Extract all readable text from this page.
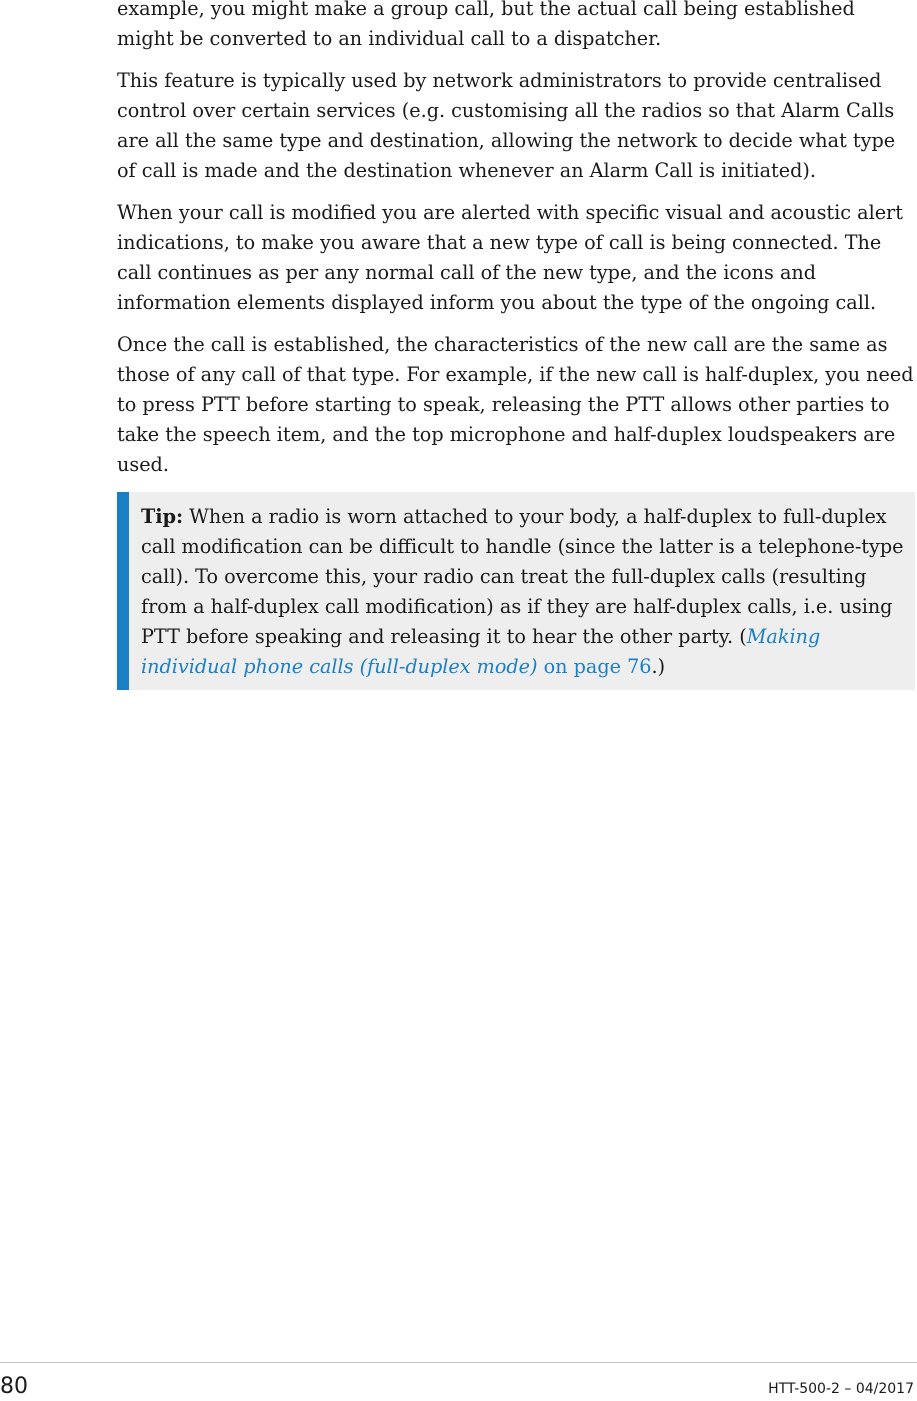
example, you might make a group call, but the actual call being established might be converted to an individual call to a dispatcher.

This feature is typically used by network administrators to provide centralised control over certain services (e.g. customising all the radios so that Alarm Calls are all the same type and destination, allowing the network to decide what type of call is made and the destination whenever an Alarm Call is initiated).

When your call is modified you are alerted with specific visual and acoustic alert indications, to make you aware that a new type of call is being connected. The call continues as per any normal call of the new type, and the icons and information elements displayed inform you about the type of the ongoing call.

Once the call is established, the characteristics of the new call are the same as those of any call of that type. For example, if the new call is half-duplex, you need to press PTT before starting to speak, releasing the PTT allows other parties to take the speech item, and the top microphone and half-duplex loudspeakers are used.

Tip: When a radio is worn attached to your body, a half-duplex to full-duplex call modification can be difficult to handle (since the latter is a telephone-type call). To overcome this, your radio can treat the full-duplex calls (resulting from a half-duplex call modification) as if they are half-duplex calls, i.e. using PTT before speaking and releasing it to hear the other party. (Making individual phone calls (full-duplex mode) on page 76.)
80	HTT-500-2 – 04/2017
